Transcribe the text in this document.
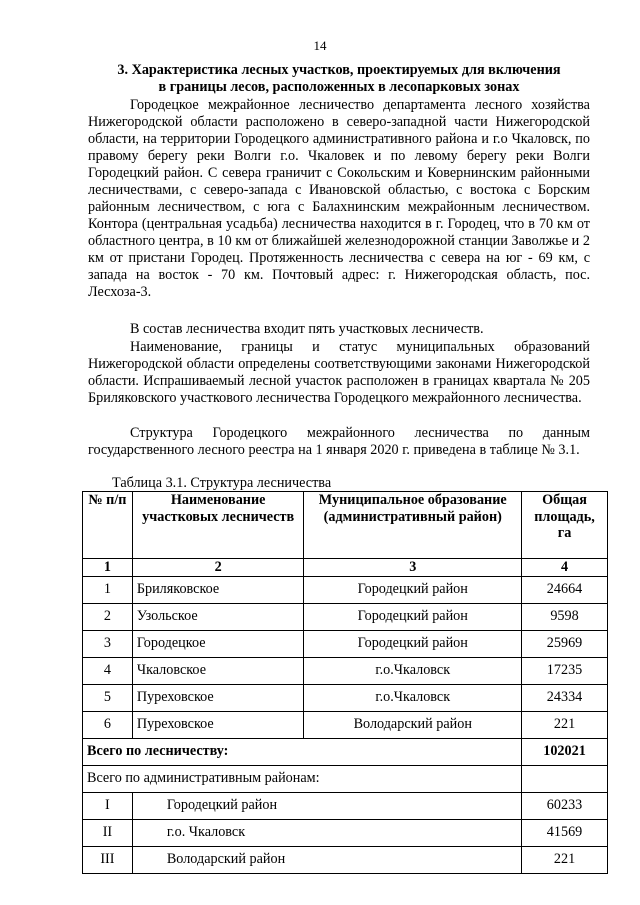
14
3. Характеристика лесных участков, проектируемых для включения
в границы лесов, расположенных в лесопарковых зонах

Городецкое межрайонное лесничество департамента лесного хозяйства Нижегородской области расположено в северо-западной части Нижегородской области, на территории Городецкого административного района и г.о Чкаловск, по правому берегу реки Волги г.о. Чкаловек и по левому берегу реки Волги Городецкий район. С севера граничит с Сокольским и Ковернинским районными лесничествами, с северо-запада с Ивановской областью, с востока с Борским районным лесничеством, с юга с Балахнинским межрайонным лесничеством. Контора (центральная усадьба) лесничества находится в г. Городец, что в 70 км от областного центра, в 10 км от ближайшей железнодорожной станции Заволжье и 2 км от пристани Городец. Протяженность лесничества с севера на юг - 69 км, с запада на восток - 70 км. Почтовый адрес: г. Нижегородская область, пос. Лесхоза-3.

В состав лесничества входит пять участковых лесничеств.

Наименование, границы и статус муниципальных образований Нижегородской области определены соответствующими законами Нижегородской области. Испрашиваемый лесной участок расположен в границах квартала № 205 Бриляковского участкового лесничества Городецкого межрайонного лесничества.

Структура Городецкого межрайонного лесничества по данным государственного лесного реестра на 1 января 2020 г. приведена в таблице № 3.1.

Таблица 3.1. Структура лесничества
№ п/п	Наименование участковых лесничеств	Муниципальное образование (административный район)	Общая площадь, га
1	2	3	4
1	Бриляковское	Городецкий район	24664
2	Узольское	Городецкий район	9598
3	Городецкое	Городецкий район	25969
4	Чкаловское	г.о.Чкаловск	17235
5	Пуреховское	г.о.Чкаловск	24334
6	Пуреховское	Володарский район	221
Всего по лесничеству:			102021
Всего по административным районам:			
I	Городецкий район		60233
II	г.о. Чкаловск		41569
III	Володарский район		221
